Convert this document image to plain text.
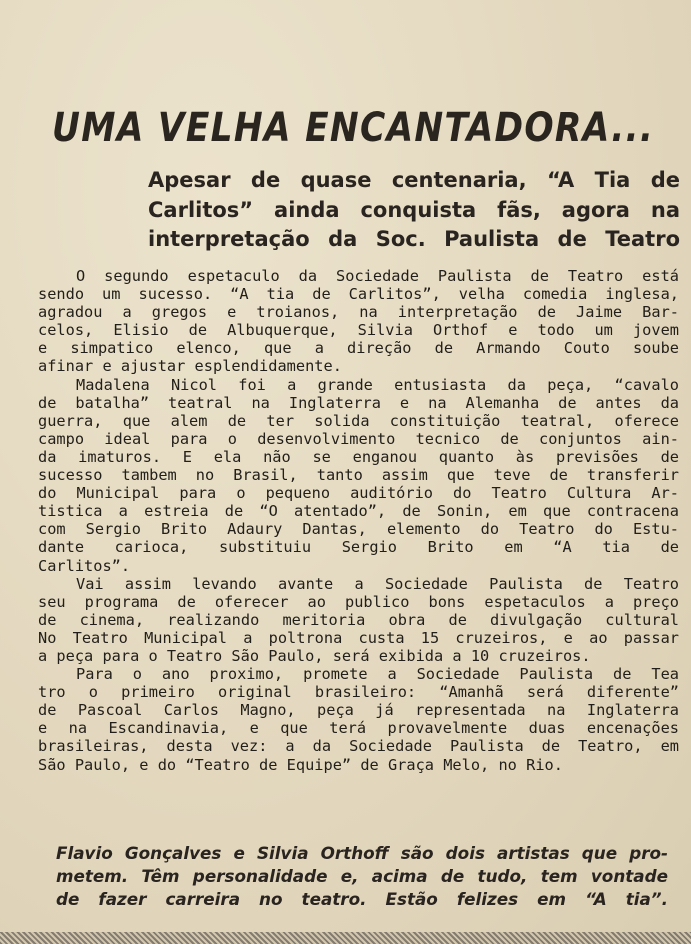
UMA VELHA ENCANTADORA...

Apesar de quase centenaria, “A Tia de Carlitos” ainda conquista fãs, agora na interpretação da Soc. Paulista de Teatro

O segundo espetaculo da Sociedade Paulista de Teatro está
sendo um sucesso. “A tia de Carlitos”, velha comedia inglesa,
agradou a gregos e troianos, na interpretação de Jaime Bar-
celos, Elisio de Albuquerque, Silvia Orthof e todo um jovem
e simpatico elenco, que a direção de Armando Couto soube
afinar e ajustar esplendidamente.
Madalena Nicol foi a grande entusiasta da peça, “cavalo
de batalha” teatral na Inglaterra e na Alemanha de antes da
guerra, que alem de ter solida constituição teatral, oferece
campo ideal para o desenvolvimento tecnico de conjuntos ain-
da imaturos. E ela não se enganou quanto às previsões de
sucesso tambem no Brasil, tanto assim que teve de transferir
do Municipal para o pequeno auditório do Teatro Cultura Ar-
tistica a estreia de “O atentado”, de Sonin, em que contracena
com Sergio Brito Adaury Dantas, elemento do Teatro do Estu-
dante carioca, substituiu Sergio Brito em “A tia de
Carlitos”.
Vai assim levando avante a Sociedade Paulista de Teatro
seu programa de oferecer ao publico bons espetaculos a preço
de cinema, realizando meritoria obra de divulgação cultural
No Teatro Municipal a poltrona custa 15 cruzeiros, e ao passar
a peça para o Teatro São Paulo, será exibida a 10 cruzeiros.
Para o ano proximo, promete a Sociedade Paulista de Tea
tro o primeiro original brasileiro: “Amanhã será diferente”
de Pascoal Carlos Magno, peça já representada na Inglaterra
e na Escandinavia, e que terá provavelmente duas encenações
brasileiras, desta vez: a da Sociedade Paulista de Teatro, em
São Paulo, e do “Teatro de Equipe” de Graça Melo, no Rio.
Flavio Gonçalves e Silvia Orthoff são dois artistas que pro-
metem. Têm personalidade e, acima de tudo, tem vontade
de fazer carreira no teatro. Estão felizes em “A tia”.
